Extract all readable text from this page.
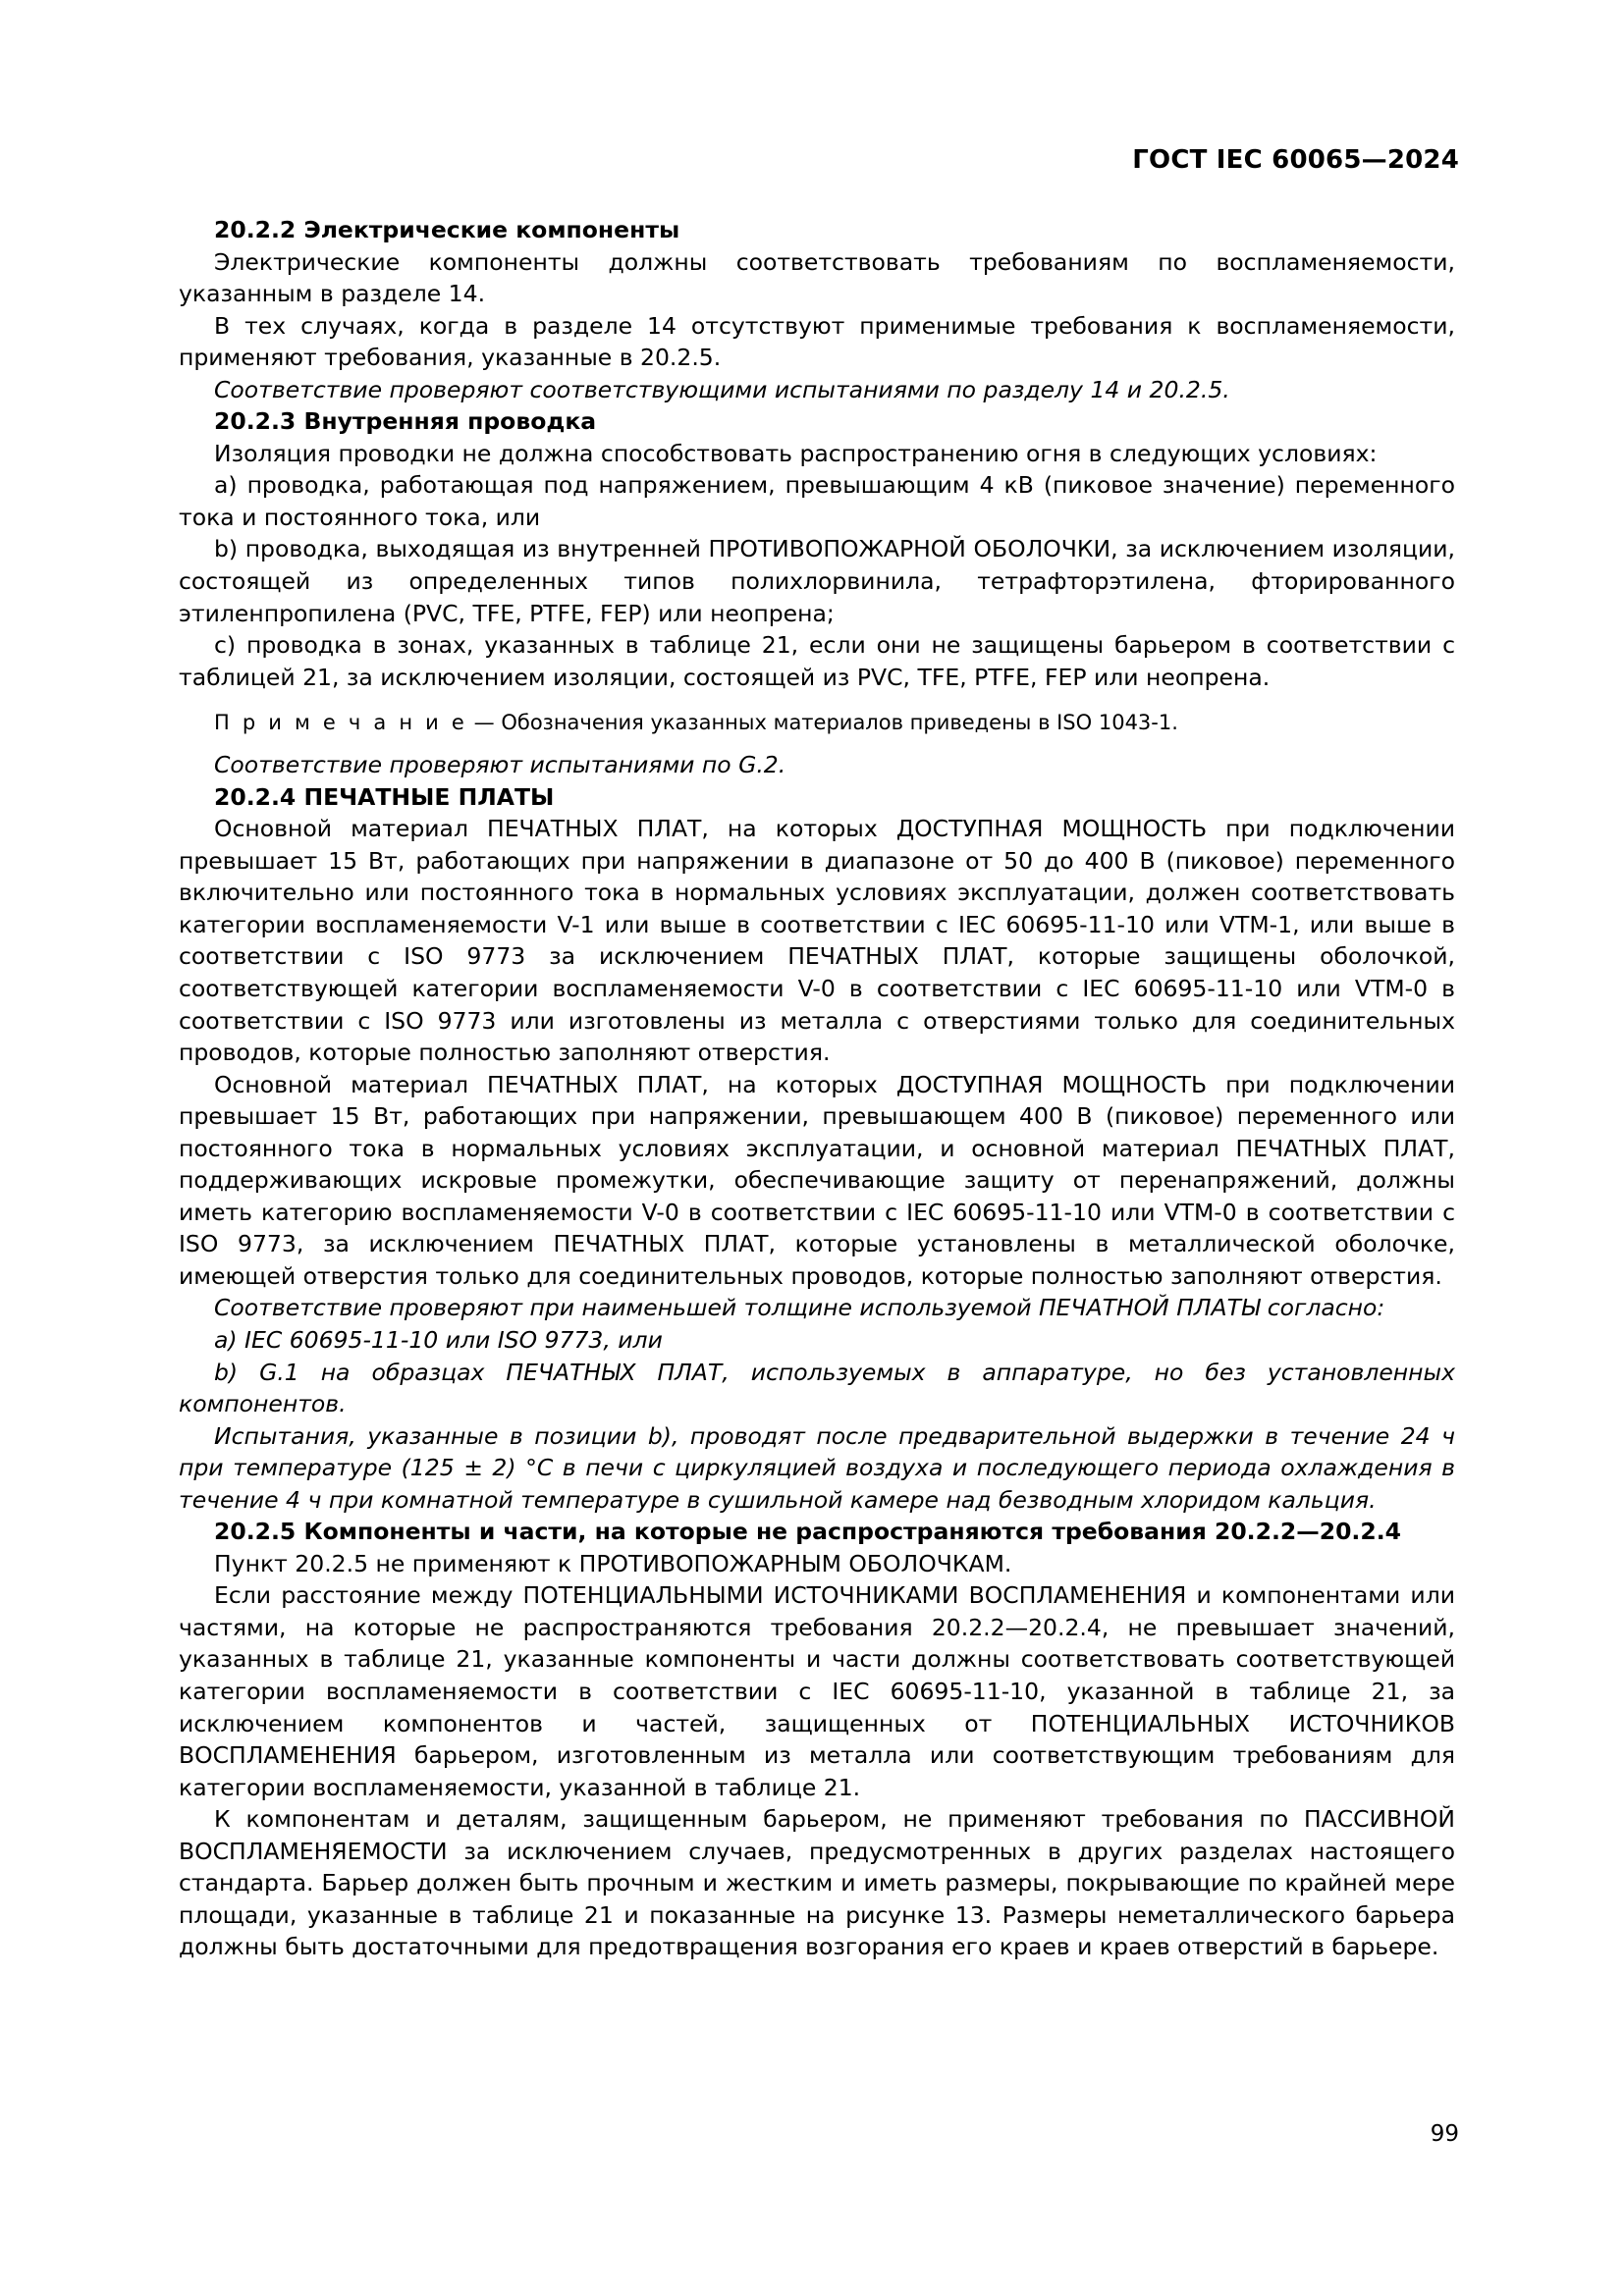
ГОСТ IEC 60065—2024

20.2.2 Электрические компоненты

Электрические компоненты должны соответствовать требованиям по воспламеняемости, указанным в разделе 14.

В тех случаях, когда в разделе 14 отсутствуют применимые требования к воспламеняемости, применяют требования, указанные в 20.2.5.

Соответствие проверяют соответствующими испытаниями по разделу 14 и 20.2.5.

20.2.3 Внутренняя проводка

Изоляция проводки не должна способствовать распространению огня в следующих условиях:

a) проводка, работающая под напряжением, превышающим 4 кВ (пиковое значение) переменного тока и постоянного тока, или

b) проводка, выходящая из внутренней ПРОТИВОПОЖАРНОЙ ОБОЛОЧКИ, за исключением изоляции, состоящей из определенных типов полихлорвинила, тетрафторэтилена, фторированного этиленпропилена (PVC, TFE, PTFE, FEP) или неопрена;

c) проводка в зонах, указанных в таблице 21, если они не защищены барьером в соответствии с таблицей 21, за исключением изоляции, состоящей из PVC, TFE, PTFE, FEP или неопрена.

П р и м е ч а н и е — Обозначения указанных материалов приведены в ISO 1043-1.

Соответствие проверяют испытаниями по G.2.

20.2.4 ПЕЧАТНЫЕ ПЛАТЫ

Основной материал ПЕЧАТНЫХ ПЛАТ, на которых ДОСТУПНАЯ МОЩНОСТЬ при подключении превышает 15 Вт, работающих при напряжении в диапазоне от 50 до 400 В (пиковое) переменного включительно или постоянного тока в нормальных условиях эксплуатации, должен соответствовать категории воспламеняемости V-1 или выше в соответствии с IEC 60695-11-10 или VTM-1, или выше в соответствии с ISO 9773 за исключением ПЕЧАТНЫХ ПЛАТ, которые защищены оболочкой, соответствующей категории воспламеняемости V-0 в соответствии с IEC 60695-11-10 или VTM-0 в соответствии с ISO 9773 или изготовлены из металла с отверстиями только для соединительных проводов, которые полностью заполняют отверстия.

Основной материал ПЕЧАТНЫХ ПЛАТ, на которых ДОСТУПНАЯ МОЩНОСТЬ при подключении превышает 15 Вт, работающих при напряжении, превышающем 400 В (пиковое) переменного или постоянного тока в нормальных условиях эксплуатации, и основной материал ПЕЧАТНЫХ ПЛАТ, поддерживающих искровые промежутки, обеспечивающие защиту от перенапряжений, должны иметь категорию воспламеняемости V-0 в соответствии с IEC 60695-11-10 или VTM-0 в соответствии с ISO 9773, за исключением ПЕЧАТНЫХ ПЛАТ, которые установлены в металлической оболочке, имеющей отверстия только для соединительных проводов, которые полностью заполняют отверстия.

Соответствие проверяют при наименьшей толщине используемой ПЕЧАТНОЙ ПЛАТЫ согласно:

a) IEC 60695-11-10 или ISO 9773, или

b) G.1 на образцах ПЕЧАТНЫХ ПЛАТ, используемых в аппаратуре, но без установленных компонентов.

Испытания, указанные в позиции b), проводят после предварительной выдержки в течение 24 ч при температуре (125 ± 2) °C в печи с циркуляцией воздуха и последующего периода охлаждения в течение 4 ч при комнатной температуре в сушильной камере над безводным хлоридом кальция.

20.2.5 Компоненты и части, на которые не распространяются требования 20.2.2—20.2.4

Пункт 20.2.5 не применяют к ПРОТИВОПОЖАРНЫМ ОБОЛОЧКАМ.

Если расстояние между ПОТЕНЦИАЛЬНЫМИ ИСТОЧНИКАМИ ВОСПЛАМЕНЕНИЯ и компонентами или частями, на которые не распространяются требования 20.2.2—20.2.4, не превышает значений, указанных в таблице 21, указанные компоненты и части должны соответствовать соответствующей категории воспламеняемости в соответствии с IEC 60695-11-10, указанной в таблице 21, за исключением компонентов и частей, защищенных от ПОТЕНЦИАЛЬНЫХ ИСТОЧНИКОВ ВОСПЛАМЕНЕНИЯ барьером, изготовленным из металла или соответствующим требованиям для категории воспламеняемости, указанной в таблице 21.

К компонентам и деталям, защищенным барьером, не применяют требования по ПАССИВНОЙ ВОСПЛАМЕНЯЕМОСТИ за исключением случаев, предусмотренных в других разделах настоящего стандарта. Барьер должен быть прочным и жестким и иметь размеры, покрывающие по крайней мере площади, указанные в таблице 21 и показанные на рисунке 13. Размеры неметаллического барьера должны быть достаточными для предотвращения возгорания его краев и краев отверстий в барьере.

99
